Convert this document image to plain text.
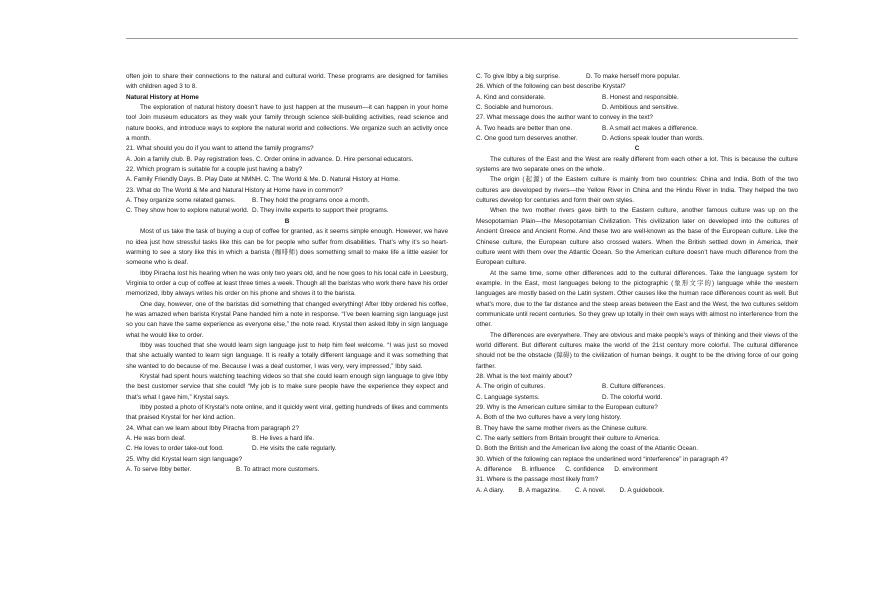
often join to share their connections to the natural and cultural world. These programs are designed for families with children aged 3 to 8.

Natural History at Home

The exploration of natural history doesn’t have to just happen at the museum—it can happen in your home too! Join museum educators as they walk your family through science skill-building activities, read science and nature books, and introduce ways to explore the natural world and collections. We organize such an activity once a month.

21. What should you do if you want to attend the family programs?

A. Join a family club. B. Pay registration fees. C. Order online in advance. D. Hire personal educators.

22. Which program is suitable for a couple just having a baby?

A. Family Friendly Days. B. Play Date at NMNH. C. The World & Me. D. Natural History at Home.

23. What do The World & Me and Natural History at Home have in common?

A. They organize some related games.	B. They hold the programs once a month.
C. They show how to explore natural world. D. They invite experts to support their programs.

B

Most of us take the task of buying a cup of coffee for granted, as it seems simple enough. However, we have no idea just how stressful tasks like this can be for people who suffer from disabilities. That’s why it’s so heart-warming to see a story like this in which a barista (咖啡师) does something small to make life a little easier for someone who is deaf.

Ibby Piracha lost his hearing when he was only two years old, and he now goes to his local cafe in Leesburg, Virginia to order a cup of coffee at least three times a week. Though all the baristas who work there have his order memorized, Ibby always writes his order on his phone and shows it to the barista.

One day, however, one of the baristas did something that changed everything! After Ibby ordered his coffee, he was amazed when barista Krystal Pane handed him a note in response. “I’ve been learning sign language just so you can have the same experience as everyone else,” the note read. Krystal then asked Ibby in sign language what he would like to order.

Ibby was touched that she would learn sign language just to help him feel welcome. “I was just so moved that she actually wanted to learn sign language. It is really a totally different language and it was something that she wanted to do because of me. Because I was a deaf customer, I was very, very impressed,” Ibby said.

Krystal had spent hours watching teaching videos so that she could learn enough sign language to give Ibby the best customer service that she could! “My job is to make sure people have the experience they expect and that’s what I gave him,” Krystal says.

Ibby posted a photo of Krystal’s note online, and it quickly went viral, getting hundreds of likes and comments that praised Krystal for her kind action.

24. What can we learn about Ibby Piracha from paragraph 2?

A. He was born deaf.	B. He lives a hard life.
C. He loves to order take-out food.	D. He visits the cafe regularly.

25. Why did Krystal learn sign language?

A. To serve Ibby better.	B. To attract more customers.
C. To give Ibby a big surprise.	D. To make herself more popular.

26. Which of the following can best describe Krystal?

A. Kind and considerate.	B. Honest and responsible.
C. Sociable and humorous.	D. Ambitious and sensitive.

27. What message does the author want to convey in the text?

A. Two heads are better than one.	B. A small act makes a difference.
C. One good turn deserves another.	D. Actions speak louder than words.

C

The cultures of the East and the West are really different from each other a lot. This is because the culture systems are two separate ones on the whole.

The origin (起源) of the Eastern culture is mainly from two countries: China and India. Both of the two cultures are developed by rivers—the Yellow River in China and the Hindu River in India. They helped the two cultures develop for centuries and form their own styles.

When the two mother rivers gave birth to the Eastern culture, another famous culture was up on the Mesopotamian Plain—the Mesopotamian Civilization. This civilization later on developed into the cultures of Ancient Greece and Ancient Rome. And these two are well-known as the base of the European culture. Like the Chinese culture, the European culture also crossed waters. When the British settled down in America, their culture went with them over the Atlantic Ocean. So the American culture doesn’t have much difference from the European culture.

At the same time, some other differences add to the cultural differences. Take the language system for example. In the East, most languages belong to the pictographic (象形文字的) language while the western languages are mostly based on the Latin system. Other causes like the human race differences count as well. But what’s more, due to the far distance and the steep areas between the East and the West, the two cultures seldom communicate until recent centuries. So they grew up totally in their own ways with almost no interference from the other.

The differences are everywhere. They are obvious and make people’s ways of thinking and their views of the world different. But different cultures make the world of the 21st century more colorful. The cultural difference should not be the obstacle (障碍) to the civilization of human beings. It ought to be the driving force of our going farther.

28. What is the text mainly about?

A. The origin of cultures.	B. Culture differences.
C. Language systems.	D. The colorful world.

29. Why is the American culture similar to the European culture?

A. Both of the two cultures have a very long history.

B. They have the same mother rivers as the Chinese culture.

C. The early settlers from Britain brought their culture to America.

D. Both the British and the American live along the coast of the Atlantic Ocean.

30. Which of the following can replace the underlined word “interference” in paragraph 4?

A. difference B. influence C. confidence D. environment

31. Where is the passage most likely from?

A. A diary. B. A magazine. C. A novel. D. A guidebook.
